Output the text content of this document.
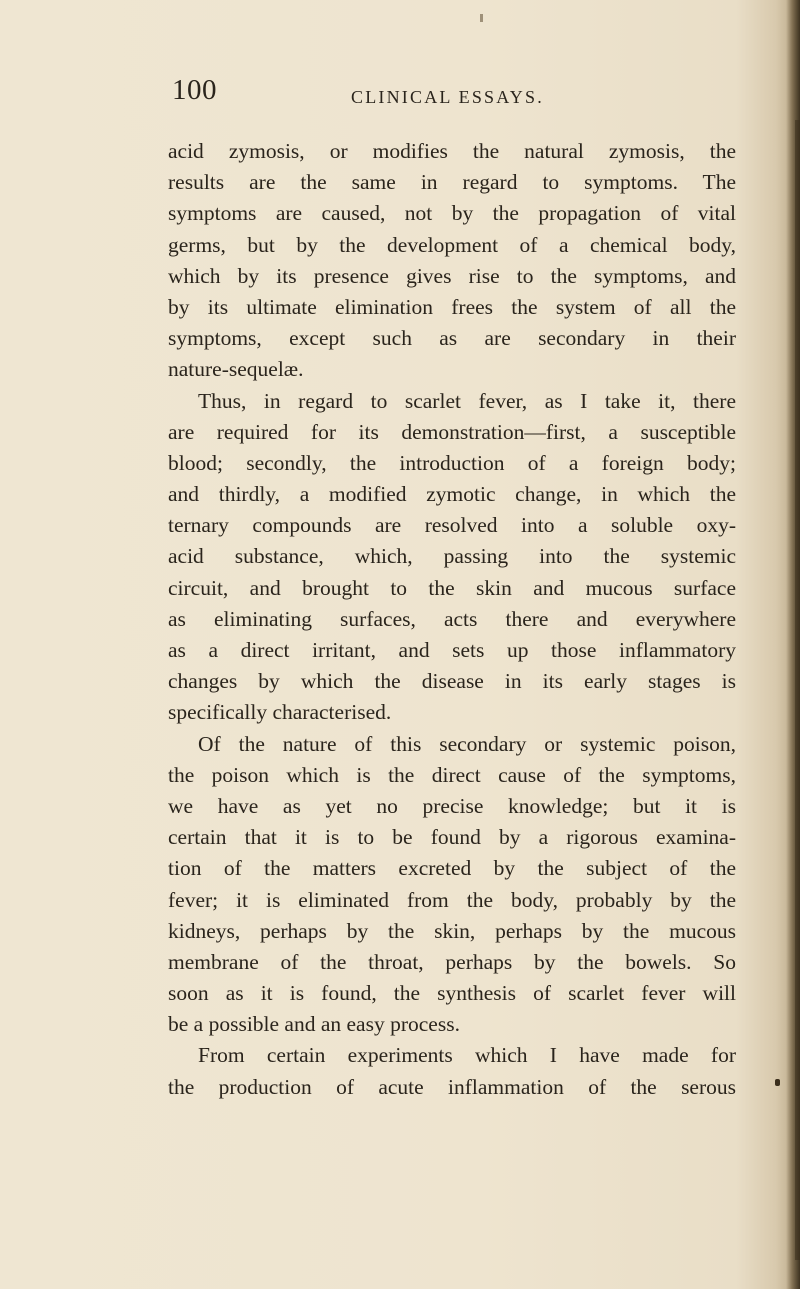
100	CLINICAL ESSAYS.
acid zymosis, or modifies the natural zymosis, the
results are the same in regard to symptoms. The
symptoms are caused, not by the propagation of vital
germs, but by the development of a chemical body,
which by its presence gives rise to the symptoms, and
by its ultimate elimination frees the system of all the
symptoms, except such as are secondary in their
nature-sequelæ.
Thus, in regard to scarlet fever, as I take it, there
are required for its demonstration—first, a susceptible
blood; secondly, the introduction of a foreign body;
and thirdly, a modified zymotic change, in which the
ternary compounds are resolved into a soluble oxy-
acid substance, which, passing into the systemic
circuit, and brought to the skin and mucous surface
as eliminating surfaces, acts there and everywhere
as a direct irritant, and sets up those inflammatory
changes by which the disease in its early stages is
specifically characterised.
Of the nature of this secondary or systemic poison,
the poison which is the direct cause of the symptoms,
we have as yet no precise knowledge; but it is
certain that it is to be found by a rigorous examina-
tion of the matters excreted by the subject of the
fever; it is eliminated from the body, probably by the
kidneys, perhaps by the skin, perhaps by the mucous
membrane of the throat, perhaps by the bowels. So
soon as it is found, the synthesis of scarlet fever will
be a possible and an easy process.
From certain experiments which I have made for
the production of acute inflammation of the serous
